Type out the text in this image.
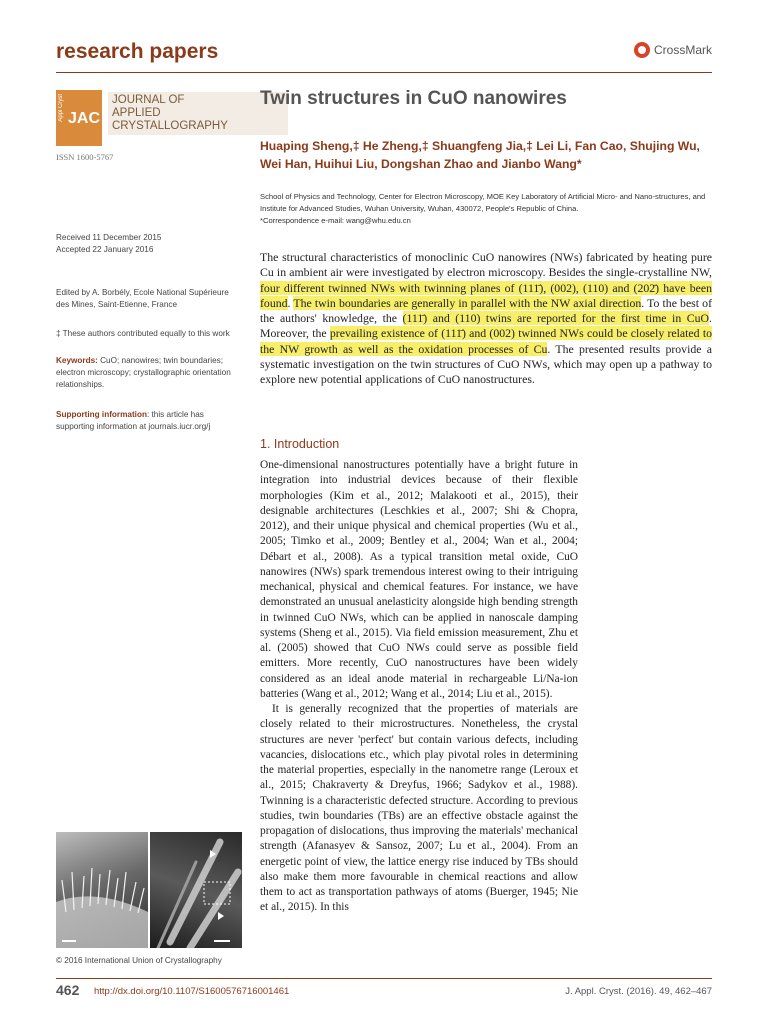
research papers	CrossMark
Appl Cryst JAC
JOURNAL OF
APPLIED
CRYSTALLOGRAPHY
ISSN 1600-5767
Received 11 December 2015
Accepted 22 January 2016
Edited by A. Borbély, Ecole National Supérieure des Mines, Saint-Etienne, France
‡ These authors contributed equally to this work
Keywords: CuO; nanowires; twin boundaries; electron microscopy; crystallographic orientation relationships.
Supporting information: this article has supporting information at journals.iucr.org/j
Twin structures in CuO nanowires
Huaping Sheng,‡ He Zheng,‡ Shuangfeng Jia,‡ Lei Li, Fan Cao, Shujing Wu, Wei Han, Huihui Liu, Dongshan Zhao and Jianbo Wang*
School of Physics and Technology, Center for Electron Microscopy, MOE Key Laboratory of Artificial Micro- and Nano-structures, and Institute for Advanced Studies, Wuhan University, Wuhan, 430072, People's Republic of China.
*Correspondence e-mail: wang@whu.edu.cn
The structural characteristics of monoclinic CuO nanowires (NWs) fabricated by heating pure Cu in ambient air were investigated by electron microscopy. Besides the single-crystalline NW, four different twinned NWs with twinning planes of (111̄), (002), (110) and (202̄) have been found. The twin boundaries are generally in parallel with the NW axial direction. To the best of the authors' knowledge, the (111̄) and (110) twins are reported for the first time in CuO. Moreover, the prevailing existence of (111̄) and (002) twinned NWs could be closely related to the NW growth as well as the oxidation processes of Cu. The presented results provide a systematic investigation on the twin structures of CuO NWs, which may open up a pathway to explore new potential applications of CuO nanostructures.
1. Introduction

One-dimensional nanostructures potentially have a bright future in integration into industrial devices because of their flexible morphologies (Kim et al., 2012; Malakooti et al., 2015), their designable architectures (Leschkies et al., 2007; Shi & Chopra, 2012), and their unique physical and chemical properties (Wu et al., 2005; Timko et al., 2009; Bentley et al., 2004; Wan et al., 2004; Débart et al., 2008). As a typical transition metal oxide, CuO nanowires (NWs) spark tremendous interest owing to their intriguing mechanical, physical and chemical features. For instance, we have demonstrated an unusual anelasticity alongside high bending strength in twinned CuO NWs, which can be applied in nanoscale damping systems (Sheng et al., 2015). Via field emission measurement, Zhu et al. (2005) showed that CuO NWs could serve as possible field emitters. More recently, CuO nanostructures have been widely considered as an ideal anode material in rechargeable Li/Na-ion batteries (Wang et al., 2012; Wang et al., 2014; Liu et al., 2015).

It is generally recognized that the properties of materials are closely related to their microstructures. Nonetheless, the crystal structures are never 'perfect' but contain various defects, including vacancies, dislocations etc., which play pivotal roles in determining the material properties, especially in the nanometre range (Leroux et al., 2015; Chakraverty & Dreyfus, 1966; Sadykov et al., 1988). Twinning is a characteristic defected structure. According to previous studies, twin boundaries (TBs) are an effective obstacle against the propagation of dislocations, thus improving the materials' mechanical strength (Afanasyev & Sansoz, 2007; Lu et al., 2004). From an energetic point of view, the lattice energy rise induced by TBs should also make them more favourable in chemical reactions and allow them to act as transportation pathways of atoms (Buerger, 1945; Nie et al., 2015). In this

© 2016 International Union of Crystallography
462 http://dx.doi.org/10.1107/S1600576716001461	J. Appl. Cryst. (2016). 49, 462–467
